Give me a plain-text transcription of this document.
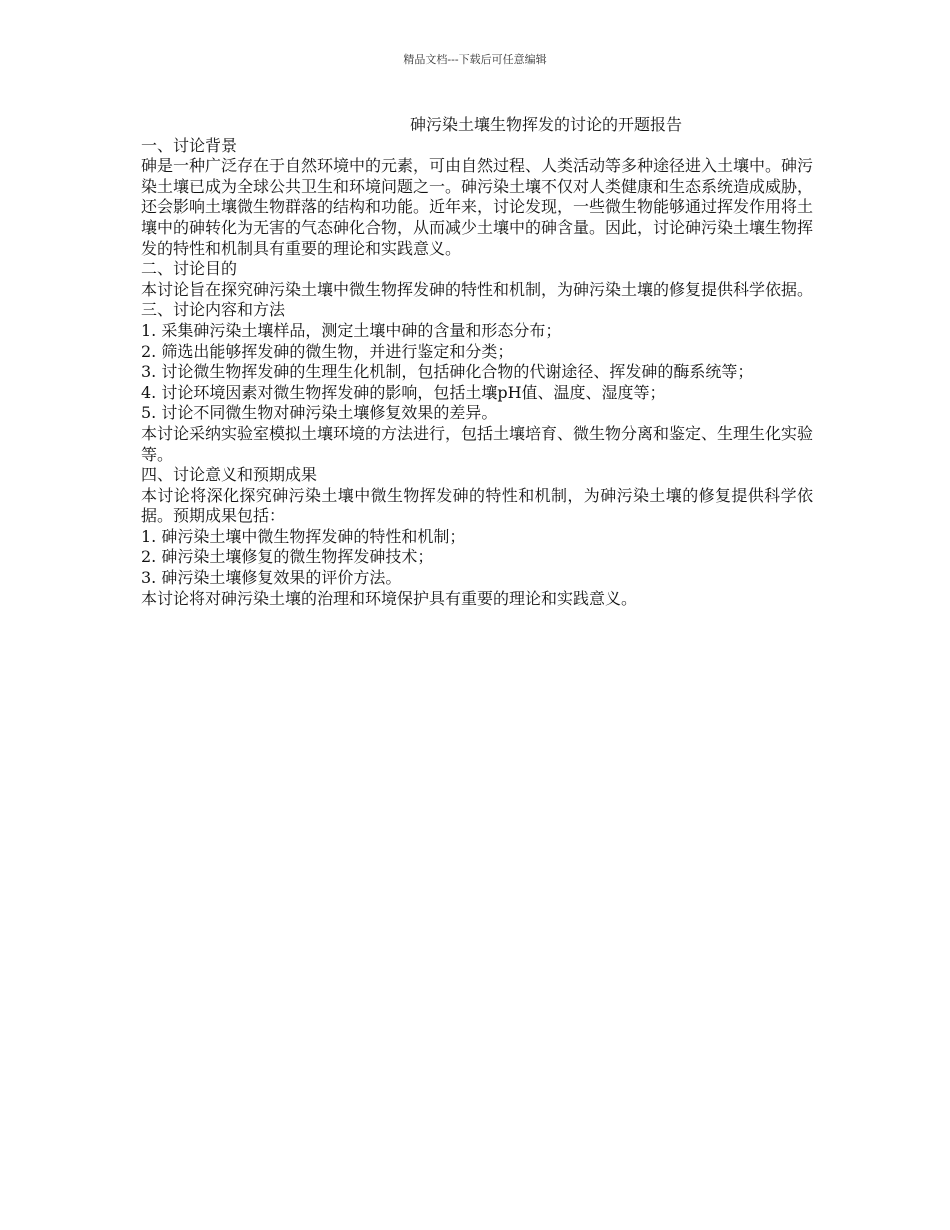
精品文档---下载后可任意编辑
砷污染土壤生物挥发的讨论的开题报告
一、讨论背景

砷是一种广泛存在于自然环境中的元素，可由自然过程、人类活动等多种途径进入土壤中。砷污染土壤已成为全球公共卫生和环境问题之一。砷污染土壤不仅对人类健康和生态系统造成威胁，还会影响土壤微生物群落的结构和功能。近年来，讨论发现，一些微生物能够通过挥发作用将土壤中的砷转化为无害的气态砷化合物，从而减少土壤中的砷含量。因此，讨论砷污染土壤生物挥发的特性和机制具有重要的理论和实践意义。

二、讨论目的

本讨论旨在探究砷污染土壤中微生物挥发砷的特性和机制，为砷污染土壤的修复提供科学依据。

三、讨论内容和方法
1. 采集砷污染土壤样品，测定土壤中砷的含量和形态分布；
2. 筛选出能够挥发砷的微生物，并进行鉴定和分类；
3. 讨论微生物挥发砷的生理生化机制，包括砷化合物的代谢途径、挥发砷的酶系统等；
4. 讨论环境因素对微生物挥发砷的影响，包括土壤pH值、温度、湿度等；
5. 讨论不同微生物对砷污染土壤修复效果的差异。

本讨论采纳实验室模拟土壤环境的方法进行，包括土壤培育、微生物分离和鉴定、生理生化实验等。

四、讨论意义和预期成果

本讨论将深化探究砷污染土壤中微生物挥发砷的特性和机制，为砷污染土壤的修复提供科学依据。预期成果包括：

1. 砷污染土壤中微生物挥发砷的特性和机制；
2. 砷污染土壤修复的微生物挥发砷技术；
3. 砷污染土壤修复效果的评价方法。

本讨论将对砷污染土壤的治理和环境保护具有重要的理论和实践意义。
